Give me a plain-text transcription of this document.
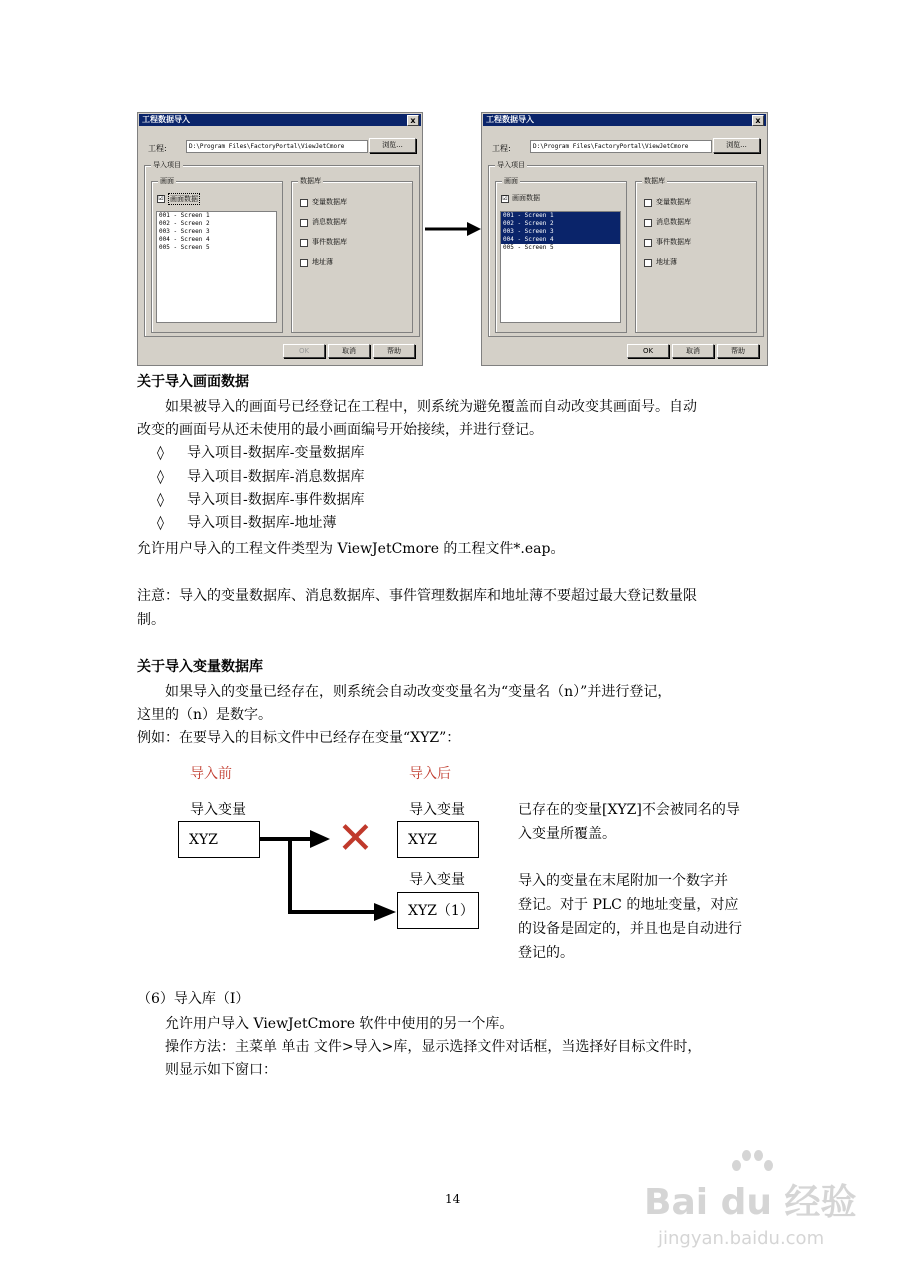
工程数据导入	x
工程:	D:\Program Files\FactoryPortal\ViewJetCmore	浏览...
导入项目
画面
☑ 画面数据
001 - Screen 1
002 - Screen 2
003 - Screen 3
004 - Screen 4
005 - Screen 5
数据库
变量数据库
消息数据库
事件数据库
地址薄
OK	取消	帮助
工程数据导入	x
工程:	D:\Program Files\FactoryPortal\ViewJetCmore	浏览...
导入项目
画面
☑ 画面数据
001 - Screen 1
002 - Screen 2
003 - Screen 3
004 - Screen 4
005 - Screen 5
数据库
变量数据库
消息数据库
事件数据库
地址薄
OK	取消	帮助
关于导入画面数据
如果被导入的画面号已经登记在工程中，则系统为避免覆盖而自动改变其画面号。自动
改变的画面号从还未使用的最小画面编号开始接续，并进行登记。
◊ 导入项目-数据库-变量数据库
◊ 导入项目-数据库-消息数据库
◊ 导入项目-数据库-事件数据库
◊ 导入项目-数据库-地址薄
允许用户导入的工程文件类型为 ViewJetCmore 的工程文件*.eap。
注意：导入的变量数据库、消息数据库、事件管理数据库和地址薄不要超过最大登记数量限
制。
关于导入变量数据库
如果导入的变量已经存在，则系统会自动改变变量名为“变量名（n）”并进行登记，
这里的（n）是数字。
例如：在要导入的目标文件中已经存在变量“XYZ”：
导入前	导入后
导入变量	导入变量
XYZ	XYZ
✕
导入变量
XYZ（1）
已存在的变量[XYZ]不会被同名的导
入变量所覆盖。
导入的变量在末尾附加一个数字并
登记。对于 PLC 的地址变量，对应
的设备是固定的，并且也是自动进行
登记的。
（6）导入库（I）
允许用户导入 ViewJetCmore 软件中使用的另一个库。
操作方法：主菜单 单击 文件>导入>库，显示选择文件对话框，当选择好目标文件时，
则显示如下窗口：
14	Bai du 经验
jingyan.baidu.com
